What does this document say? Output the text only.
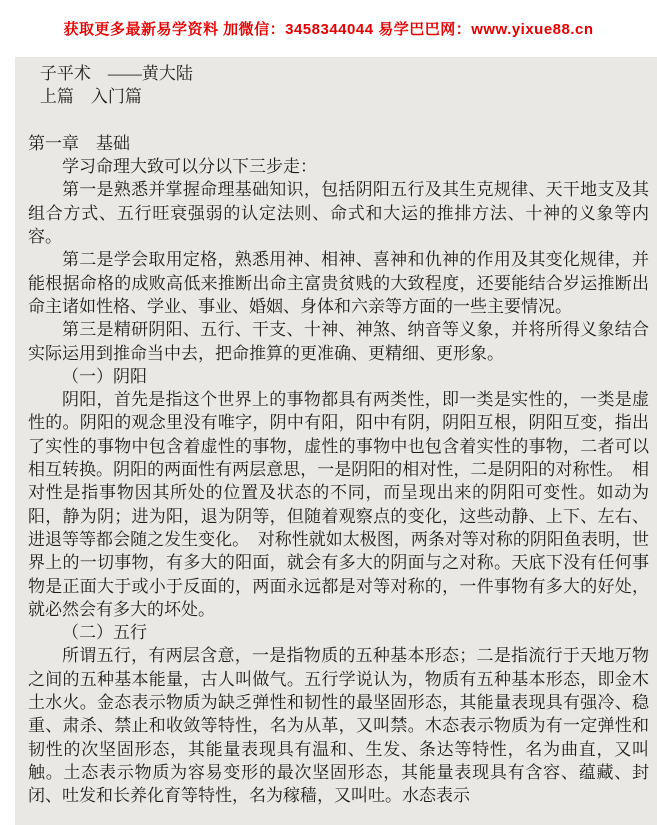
获取更多最新易学资料 加微信：3458344044 易学巴巴网：www.yixue88.cn

子平术　——黄大陆

上篇　入门篇

第一章　基础

学习命理大致可以分以下三步走：

第一是熟悉并掌握命理基础知识，包括阴阳五行及其生克规律、天干地支及其组合方式、五行旺衰强弱的认定法则、命式和大运的推排方法、十神的义象等内容。

第二是学会取用定格，熟悉用神、相神、喜神和仇神的作用及其变化规律，并能根据命格的成败高低来推断出命主富贵贫贱的大致程度，还要能结合岁运推断出命主诸如性格、学业、事业、婚姻、身体和六亲等方面的一些主要情况。

第三是精研阴阳、五行、干支、十神、神煞、纳音等义象，并将所得义象结合实际运用到推命当中去，把命推算的更准确、更精细、更形象。

（一）阴阳

阴阳，首先是指这个世界上的事物都具有两类性，即一类是实性的，一类是虚性的。阴阳的观念里没有唯字，阴中有阳，阳中有阴，阴阳互根，阴阳互变，指出了实性的事物中包含着虚性的事物，虚性的事物中也包含着实性的事物，二者可以相互转换。阴阳的两面性有两层意思，一是阴阳的相对性，二是阴阳的对称性。　相对性是指事物因其所处的位置及状态的不同，而呈现出来的阴阳可变性。如动为阳，静为阴；进为阳，退为阴等，但随着观察点的变化，这些动静、上下、左右、进退等等都会随之发生变化。　对称性就如太极图，两条对等对称的阴阳鱼表明，世界上的一切事物，有多大的阳面，就会有多大的阴面与之对称。天底下没有任何事物是正面大于或小于反面的，两面永远都是对等对称的，一件事物有多大的好处，就必然会有多大的坏处。

（二）五行

所谓五行，有两层含意，一是指物质的五种基本形态；二是指流行于天地万物之间的五种基本能量，古人叫做气。五行学说认为，物质有五种基本形态，即金木土水火。金态表示物质为缺乏弹性和韧性的最坚固形态，其能量表现具有强冷、稳重、肃杀、禁止和收敛等特性，名为从革，又叫禁。木态表示物质为有一定弹性和韧性的次坚固形态，其能量表现具有温和、生发、条达等特性，名为曲直，又叫触。土态表示物质为容易变形的最次坚固形态，其能量表现具有含容、蕴藏、封闭、吐发和长养化育等特性，名为稼穑，又叫吐。水态表示
